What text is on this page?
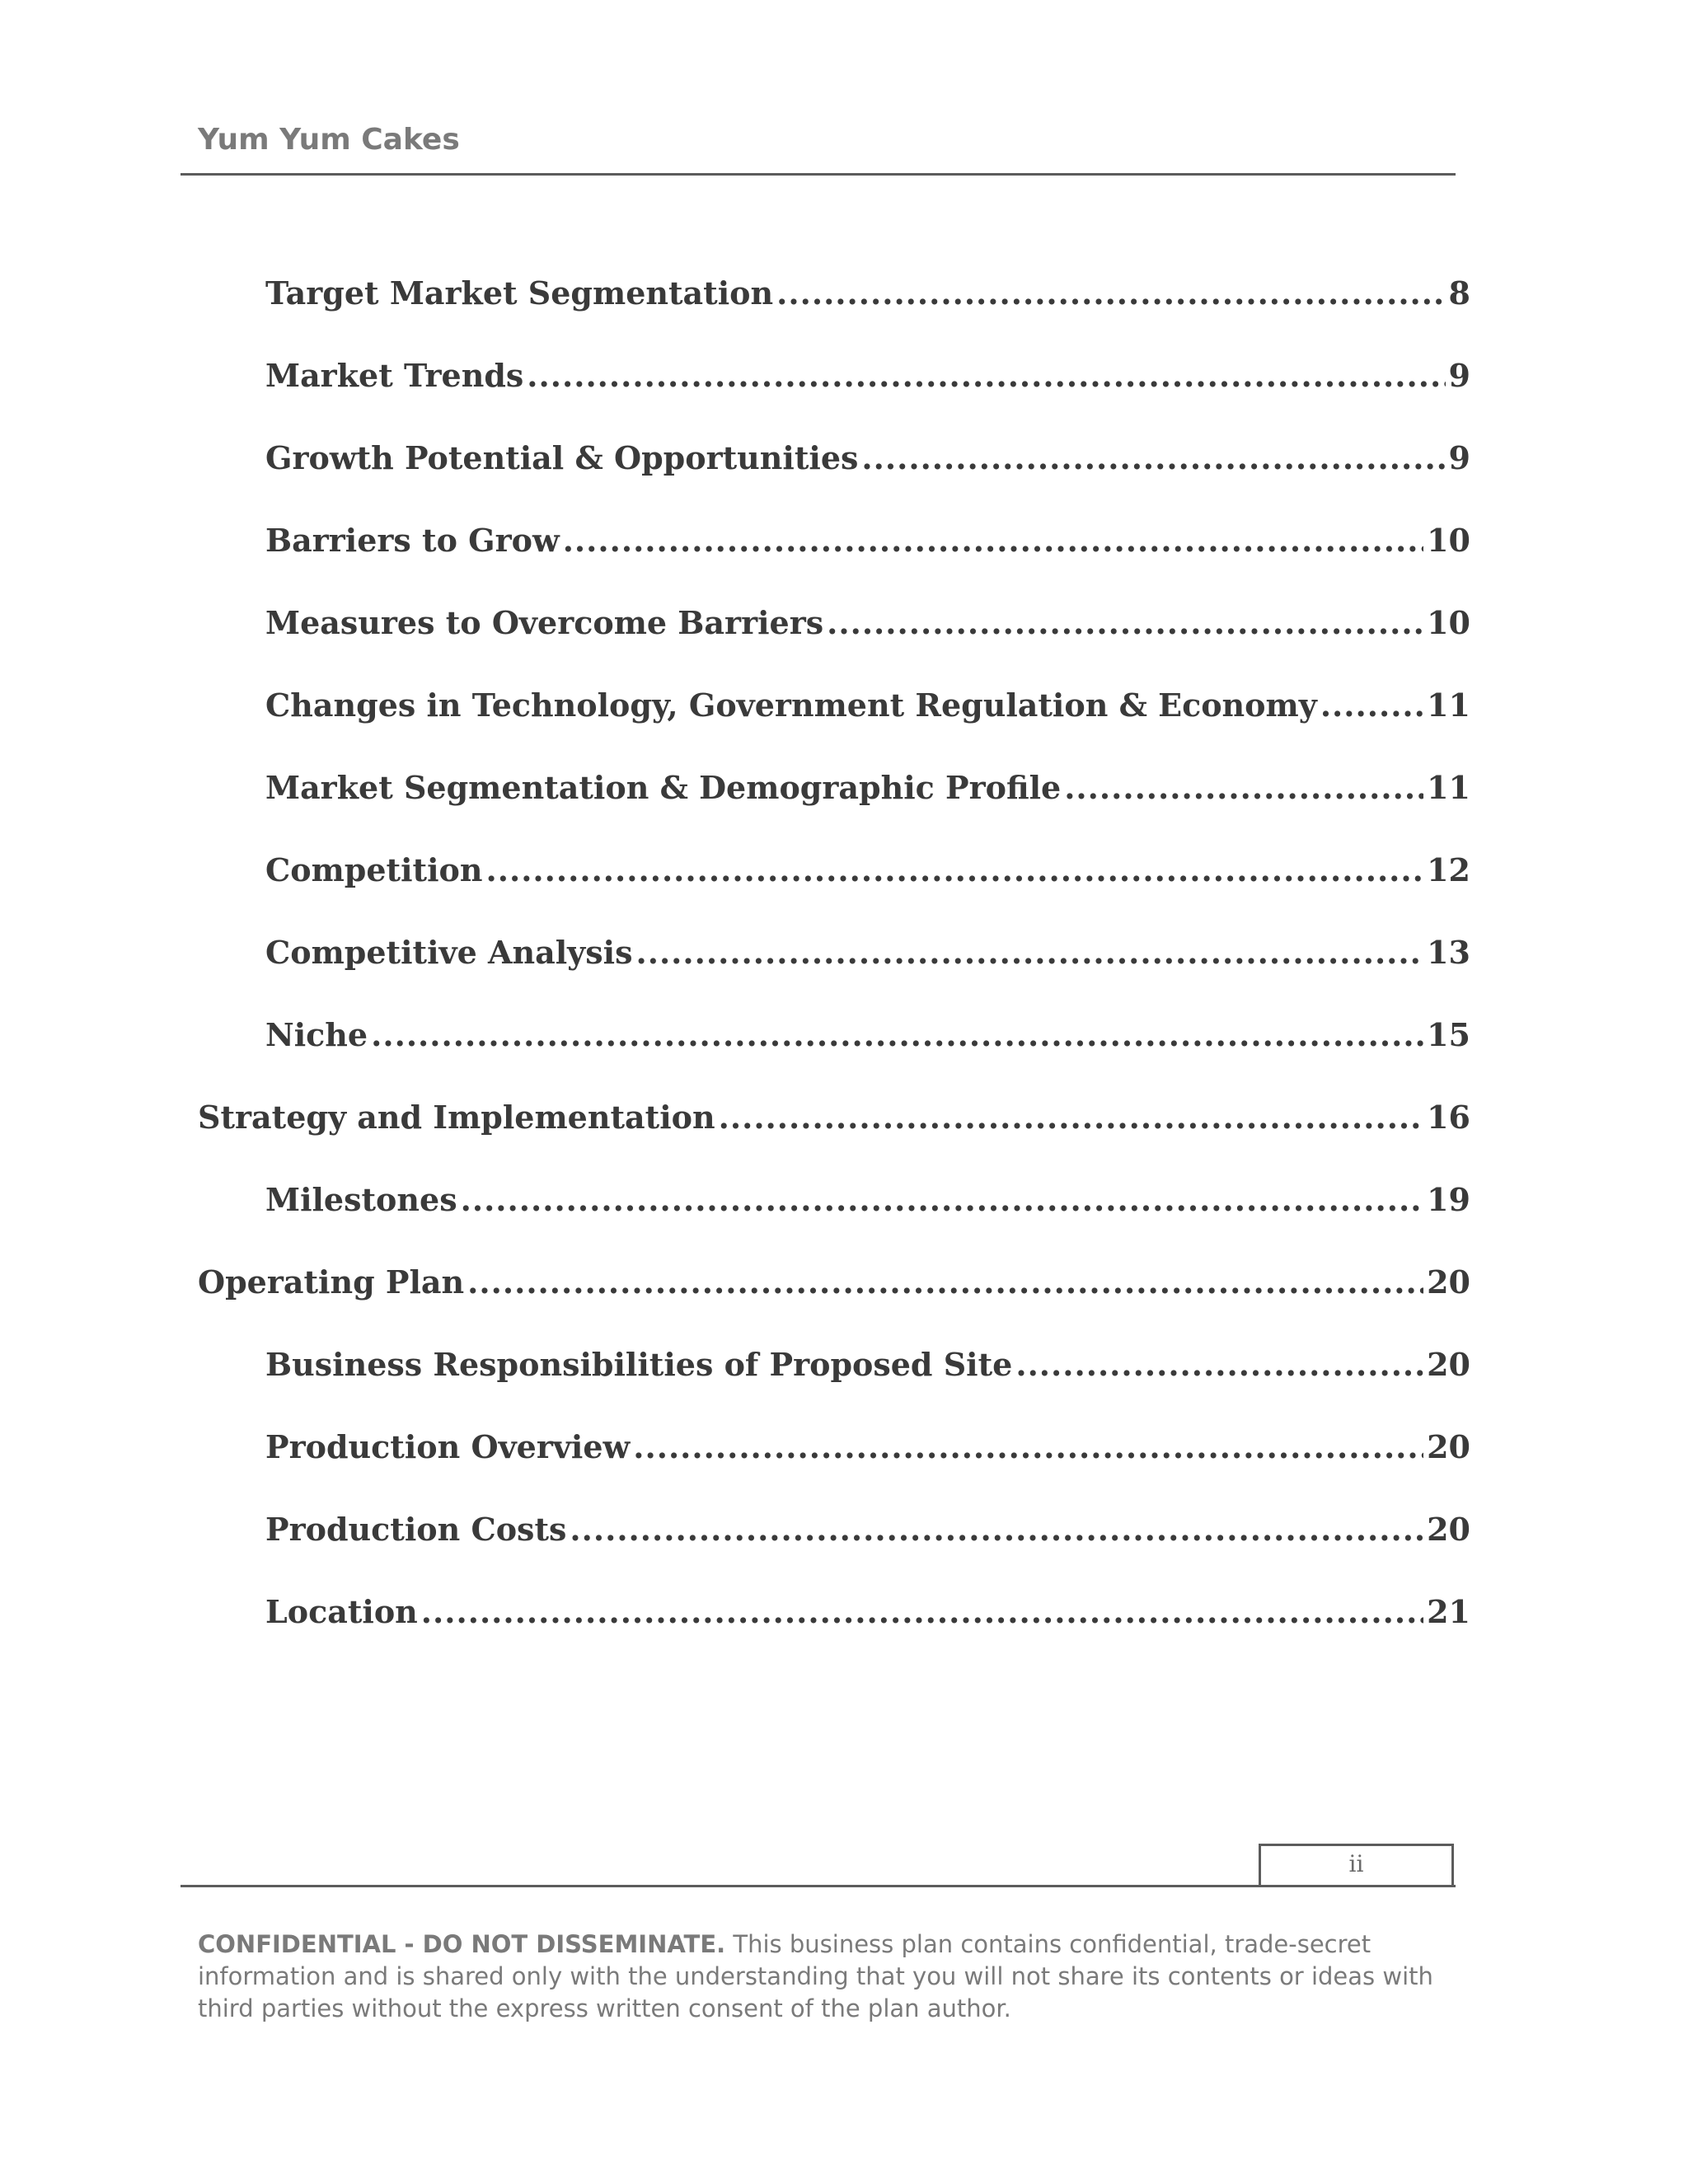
Yum Yum Cakes
Target Market Segmentation .....	8
Market Trends .....	9
Growth Potential & Opportunities .....	9
Barriers to Grow .....	10
Measures to Overcome Barriers .....	10
Changes in Technology, Government Regulation & Economy .....	11
Market Segmentation & Demographic Profile .....	11
Competition .....	12
Competitive Analysis .....	13
Niche .....	15
Strategy and Implementation .....	16
Milestones .....	19
Operating Plan .....	20
Business Responsibilities of Proposed Site .....	20
Production Overview .....	20
Production Costs .....	20
Location .....	21
ii
CONFIDENTIAL - DO NOT DISSEMINATE. This business plan contains confidential, trade-secret information and is shared only with the understanding that you will not share its contents or ideas with third parties without the express written consent of the plan author.
